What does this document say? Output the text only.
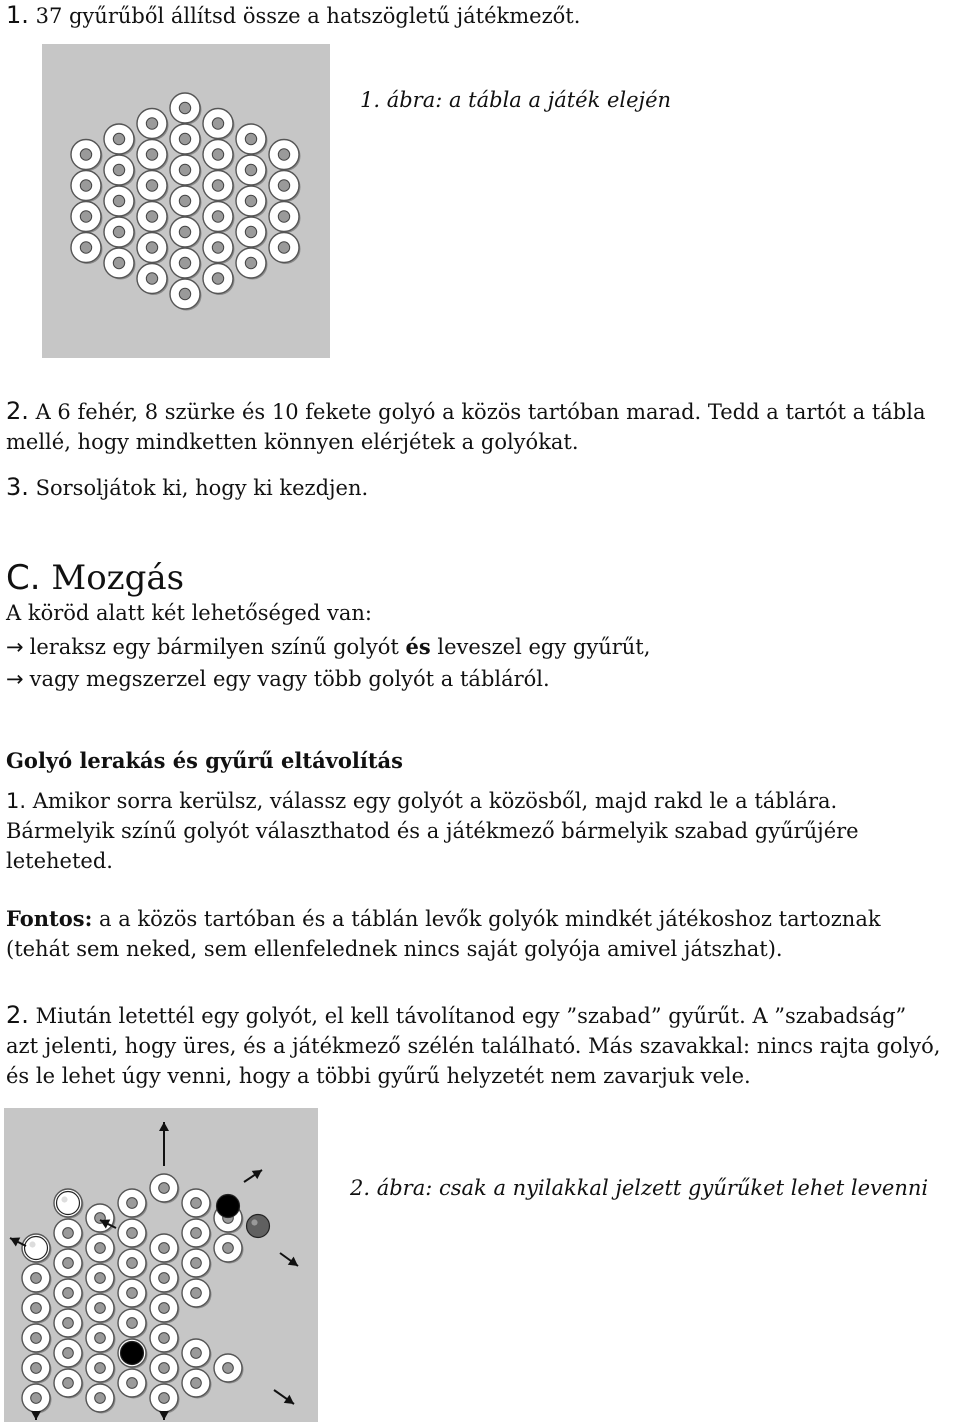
1. 37 gyűrűből állítsd össze a hatszögletű játékmezőt.
1. ábra: a tábla a játék elején
2. A 6 fehér, 8 szürke és 10 fekete golyó a közös tartóban marad. Tedd a tartót a tábla
mellé, hogy mindketten könnyen elérjétek a golyókat.
3. Sorsoljátok ki, hogy ki kezdjen.
C. Mozgás
A köröd alatt két lehetőséged van:
→ leraksz egy bármilyen színű golyót és leveszel egy gyűrűt,
→ vagy megszerzel egy vagy több golyót a tábláról.
Golyó lerakás és gyűrű eltávolítás
1. Amikor sorra kerülsz, válassz egy golyót a közösből, majd rakd le a táblára.
Bármelyik színű golyót választhatod és a játékmező bármelyik szabad gyűrűjére
leteheted.
Fontos: a a közös tartóban és a táblán levők golyók mindkét játékoshoz tartoznak
(tehát sem neked, sem ellenfelednek nincs saját golyója amivel játszhat).
2. Miután letettél egy golyót, el kell távolítanod egy ”szabad” gyűrűt. A ”szabadság”
azt jelenti, hogy üres, és a játékmező szélén található. Más szavakkal: nincs rajta golyó,
és le lehet úgy venni, hogy a többi gyűrű helyzetét nem zavarjuk vele.
2. ábra: csak a nyilakkal jelzett gyűrűket lehet levenni
